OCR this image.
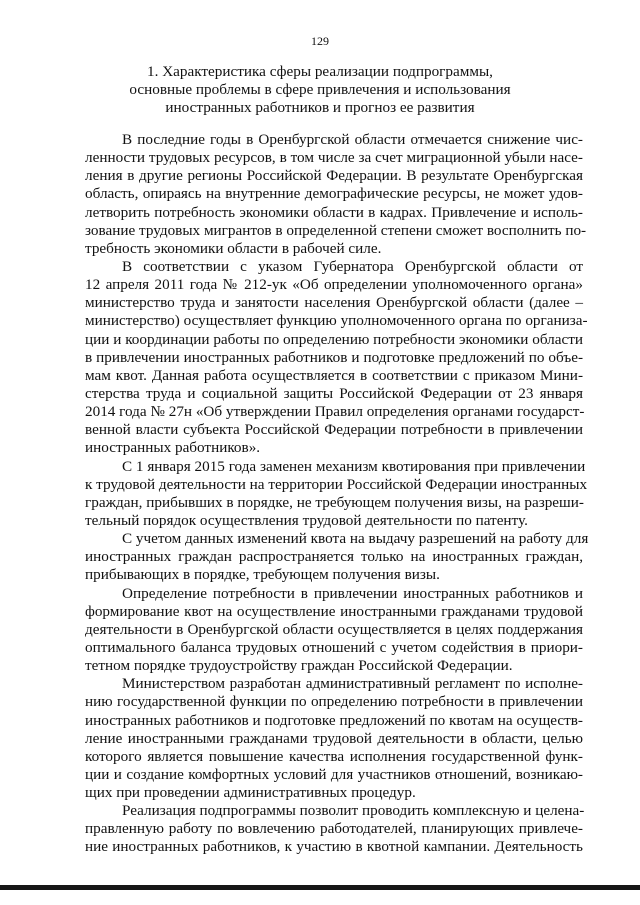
129
1. Характеристика сферы реализации подпрограммы,
основные проблемы в сфере привлечения и использования
иностранных работников и прогноз ее развития
В последние годы в Оренбургской области отмечается снижение чис-
ленности трудовых ресурсов, в том числе за счет миграционной убыли насе-
ления в другие регионы Российской Федерации. В результате Оренбургская
область, опираясь на внутренние демографические ресурсы, не может удов-
летворить потребность экономики области в кадрах. Привлечение и исполь-
зование трудовых мигрантов в определенной степени сможет восполнить по-
требность экономики области в рабочей силе.
В соответствии с указом Губернатора Оренбургской области от
12 апреля 2011 года № 212-ук «Об определении уполномоченного органа»
министерство труда и занятости населения Оренбургской области (далее –
министерство) осуществляет функцию уполномоченного органа по организа-
ции и координации работы по определению потребности экономики области
в привлечении иностранных работников и подготовке предложений по объе-
мам квот. Данная работа осуществляется в соответствии с приказом Мини-
стерства труда и социальной защиты Российской Федерации от 23 января
2014 года № 27н «Об утверждении Правил определения органами государст-
венной власти субъекта Российской Федерации потребности в привлечении
иностранных работников».
С 1 января 2015 года заменен механизм квотирования при привлечении
к трудовой деятельности на территории Российской Федерации иностранных
граждан, прибывших в порядке, не требующем получения визы, на разреши-
тельный порядок осуществления трудовой деятельности по патенту.
С учетом данных изменений квота на выдачу разрешений на работу для
иностранных граждан распространяется только на иностранных граждан,
прибывающих в порядке, требующем получения визы.
Определение потребности в привлечении иностранных работников и
формирование квот на осуществление иностранными гражданами трудовой
деятельности в Оренбургской области осуществляется в целях поддержания
оптимального баланса трудовых отношений с учетом содействия в приори-
тетном порядке трудоустройству граждан Российской Федерации.
Министерством разработан административный регламент по исполне-
нию государственной функции по определению потребности в привлечении
иностранных работников и подготовке предложений по квотам на осуществ-
ление иностранными гражданами трудовой деятельности в области, целью
которого является повышение качества исполнения государственной функ-
ции и создание комфортных условий для участников отношений, возникаю-
щих при проведении административных процедур.
Реализация подпрограммы позволит проводить комплексную и целена-
правленную работу по вовлечению работодателей, планирующих привлече-
ние иностранных работников, к участию в квотной кампании. Деятельность
